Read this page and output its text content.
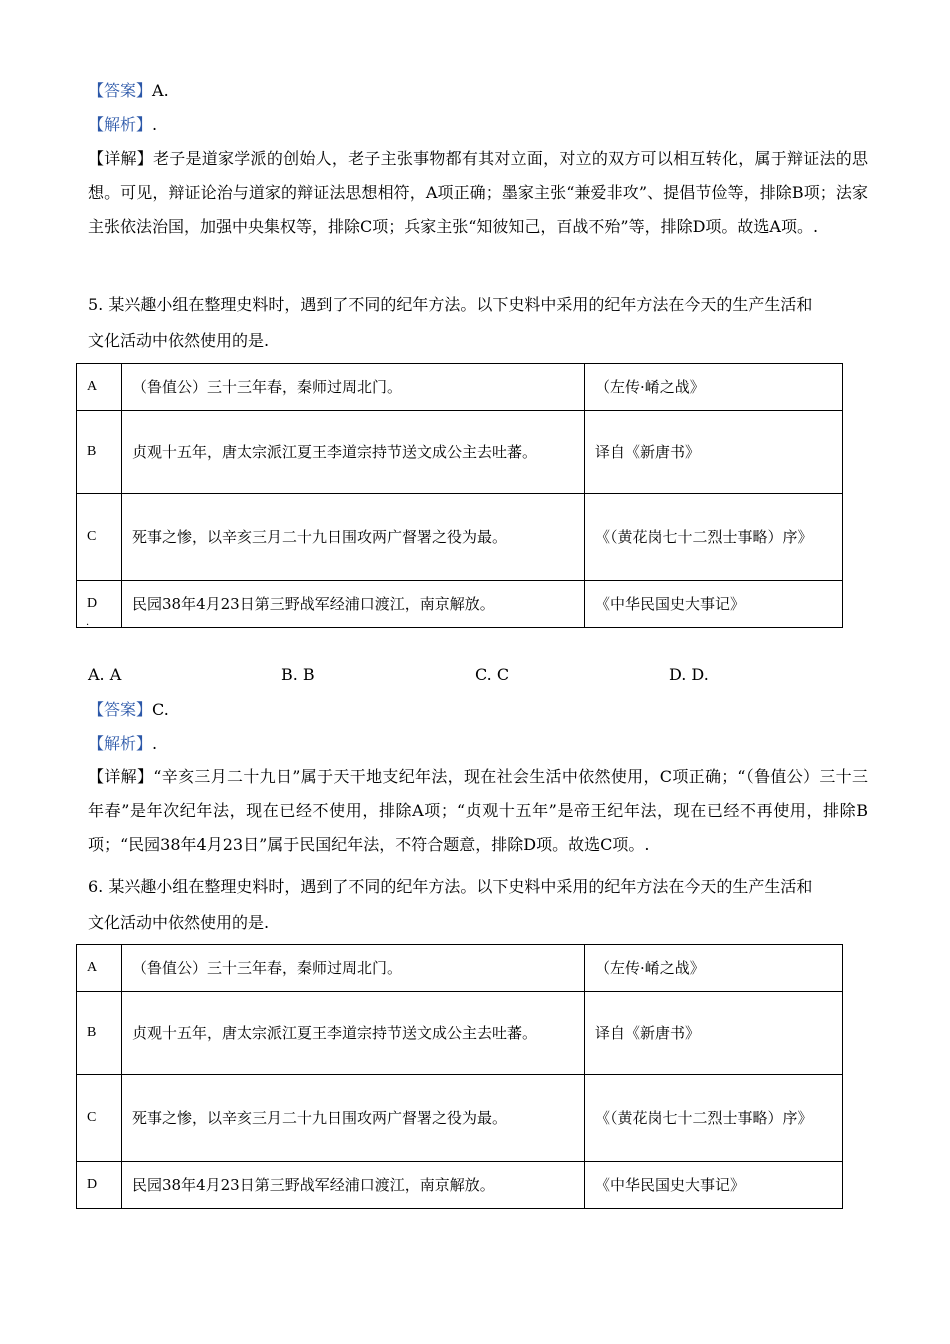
【答案】A.
【解析】.
【详解】老子是道家学派的创始人，老子主张事物都有其对立面，对立的双方可以相互转化，属于辩证法的思想。可见，辩证论治与道家的辩证法思想相符，A项正确；墨家主张“兼爱非攻”、提倡节俭等，排除B项；法家主张依法治国，加强中央集权等，排除C项；兵家主张“知彼知己，百战不殆”等，排除D项。故选A项。.
5. 某兴趣小组在整理史料时，遇到了不同的纪年方法。以下史料中采用的纪年方法在今天的生产生活和
文化活动中依然使用的是.
A	（鲁值公）三十三年春，秦师过周北门。	（左传·崤之战》
B	贞观十五年，唐太宗派江夏王李道宗持节送文成公主去吐蕃。	译自《新唐书》
C	死事之惨，以辛亥三月二十九日围攻两广督署之役为最。	《（黄花岗七十二烈士事略）序》
D	民园38年4月23日第三野战军经浦口渡江，南京解放。	《中华民国史大事记》
·
A. A	B. B	C. C	D. D.
【答案】C.
【解析】.
【详解】“辛亥三月二十九日”属于天干地支纪年法，现在社会生活中依然使用，C项正确；“（鲁值公）三十三年春”是年次纪年法，现在已经不使用，排除A项；“贞观十五年”是帝王纪年法，现在已经不再使用，排除B项；“民园38年4月23日”属于民国纪年法，不符合题意，排除D项。故选C项。.
6. 某兴趣小组在整理史料时，遇到了不同的纪年方法。以下史料中采用的纪年方法在今天的生产生活和
文化活动中依然使用的是.
A	（鲁值公）三十三年春，秦师过周北门。	（左传·崤之战》
B	贞观十五年，唐太宗派江夏王李道宗持节送文成公主去吐蕃。	译自《新唐书》
C	死事之惨，以辛亥三月二十九日围攻两广督署之役为最。	《（黄花岗七十二烈士事略）序》
D	民园38年4月23日第三野战军经浦口渡江，南京解放。	《中华民国史大事记》
